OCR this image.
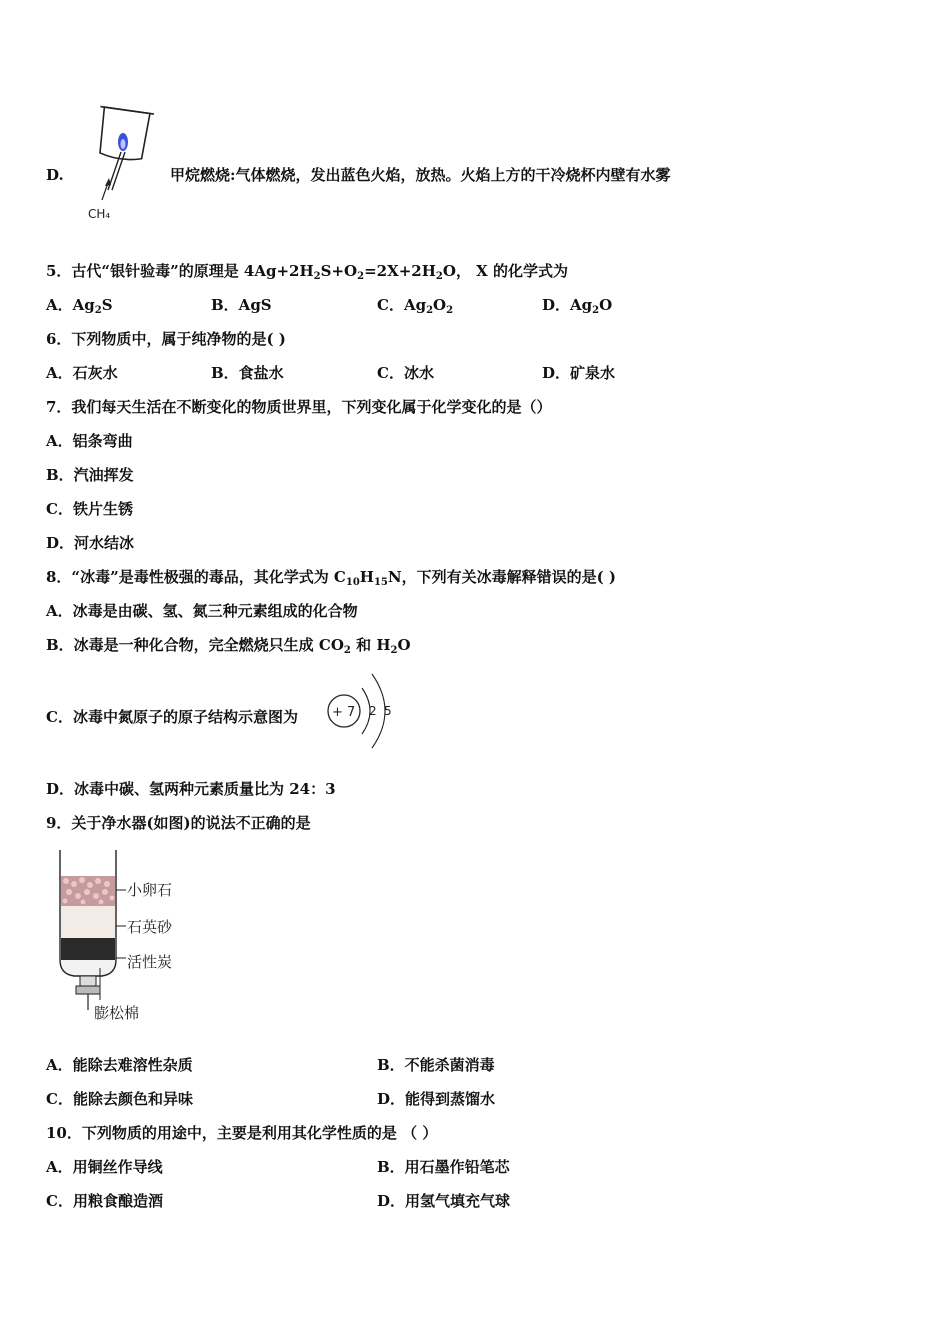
D.
CH₄
甲烷燃烧:气体燃烧，发出蓝色火焰，放热。火焰上方的干冷烧杯内壁有水雾
5．古代“银针验毒”的原理是 $4Ag+2H_2S+O_2=2X+2H_2O$， X 的化学式为
A．$Ag_2S$	B．AgS	C．$Ag_2O_2$	D．$Ag_2O$
6．下列物质中，属于纯净物的是( )
A．石灰水	B．食盐水	C．冰水	D．矿泉水
7．我们每天生活在不断变化的物质世界里，下列变化属于化学变化的是（）
A．铝条弯曲
B．汽油挥发
C．铁片生锈
D．河水结冰
8．“冰毒”是毒性极强的毒品，其化学式为 $C_{10}H_{15}N$，下列有关冰毒解释错误的是( )
A．冰毒是由碳、氢、氮三种元素组成的化合物
B．冰毒是一种化合物，完全燃烧只生成 $CO_2$ 和 $H_2O$
C．冰毒中氮原子的原子结构示意图为	+ 7 2 5
D．冰毒中碳、氢两种元素质量比为 24：3
9．关于净水器(如图)的说法不正确的是
小卵石
石英砂
活性炭
膨松棉
A．能除去难溶性杂质	B．不能杀菌消毒
C．能除去颜色和异味	D．能得到蒸馏水
10．下列物质的用途中，主要是利用其化学性质的是 （ ）
A．用铜丝作导线	B．用石墨作铅笔芯
C．用粮食酿造酒	D．用氢气填充气球
